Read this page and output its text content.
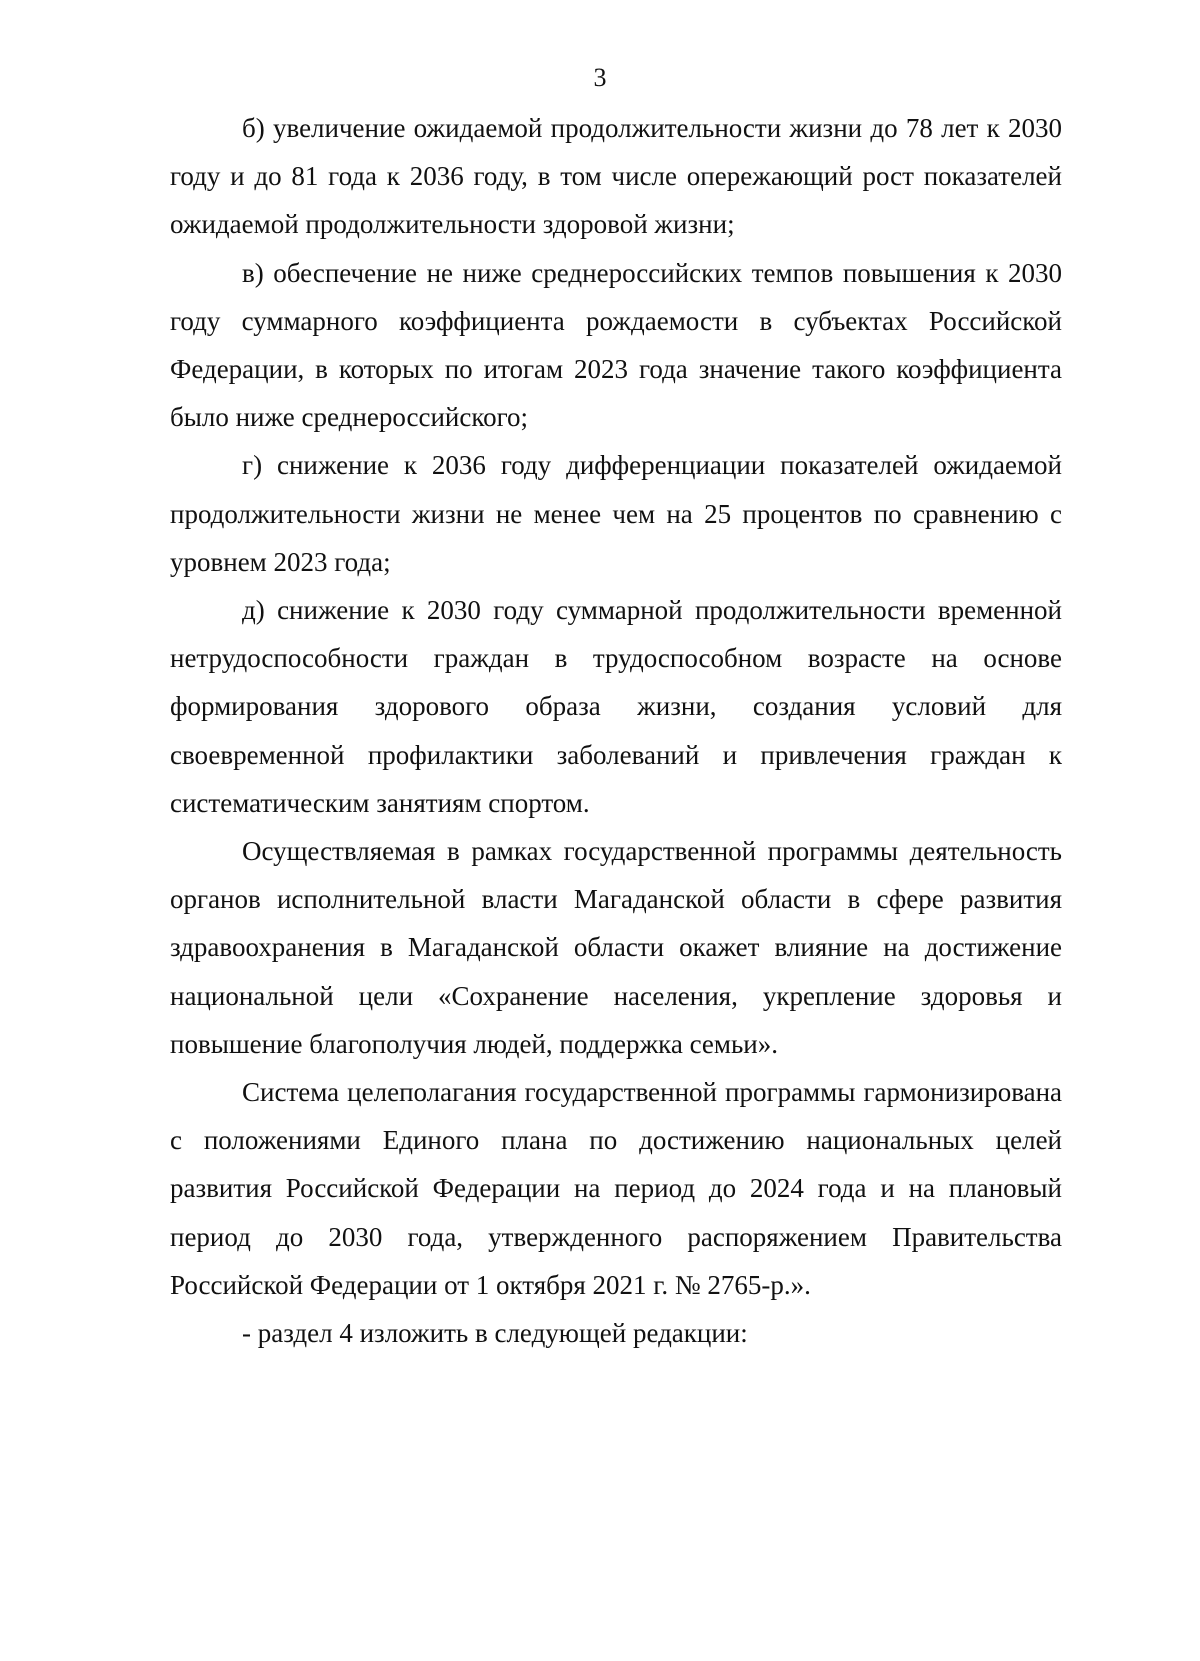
3

б) увеличение ожидаемой продолжительности жизни до 78 лет к 2030 году и до 81 года к 2036 году, в том числе опережающий рост показателей ожидаемой продолжительности здоровой жизни;

в) обеспечение не ниже среднероссийских темпов повышения к 2030 году суммарного коэффициента рождаемости в субъектах Российской Федерации, в которых по итогам 2023 года значение такого коэффициента было ниже среднероссийского;

г) снижение к 2036 году дифференциации показателей ожидаемой продолжительности жизни не менее чем на 25 процентов по сравнению с уровнем 2023 года;

д) снижение к 2030 году суммарной продолжительности временной нетрудоспособности граждан в трудоспособном возрасте на основе формирования здорового образа жизни, создания условий для своевременной профилактики заболеваний и привлечения граждан к систематическим занятиям спортом.

Осуществляемая в рамках государственной программы деятельность органов исполнительной власти Магаданской области в сфере развития здравоохранения в Магаданской области окажет влияние на достижение национальной цели «Сохранение населения, укрепление здоровья и повышение благополучия людей, поддержка семьи».

Система целеполагания государственной программы гармонизирована с положениями Единого плана по достижению национальных целей развития Российской Федерации на период до 2024 года и на плановый период до 2030 года, утвержденного распоряжением Правительства Российской Федерации от 1 октября 2021 г. № 2765-р.».

- раздел 4 изложить в следующей редакции:
